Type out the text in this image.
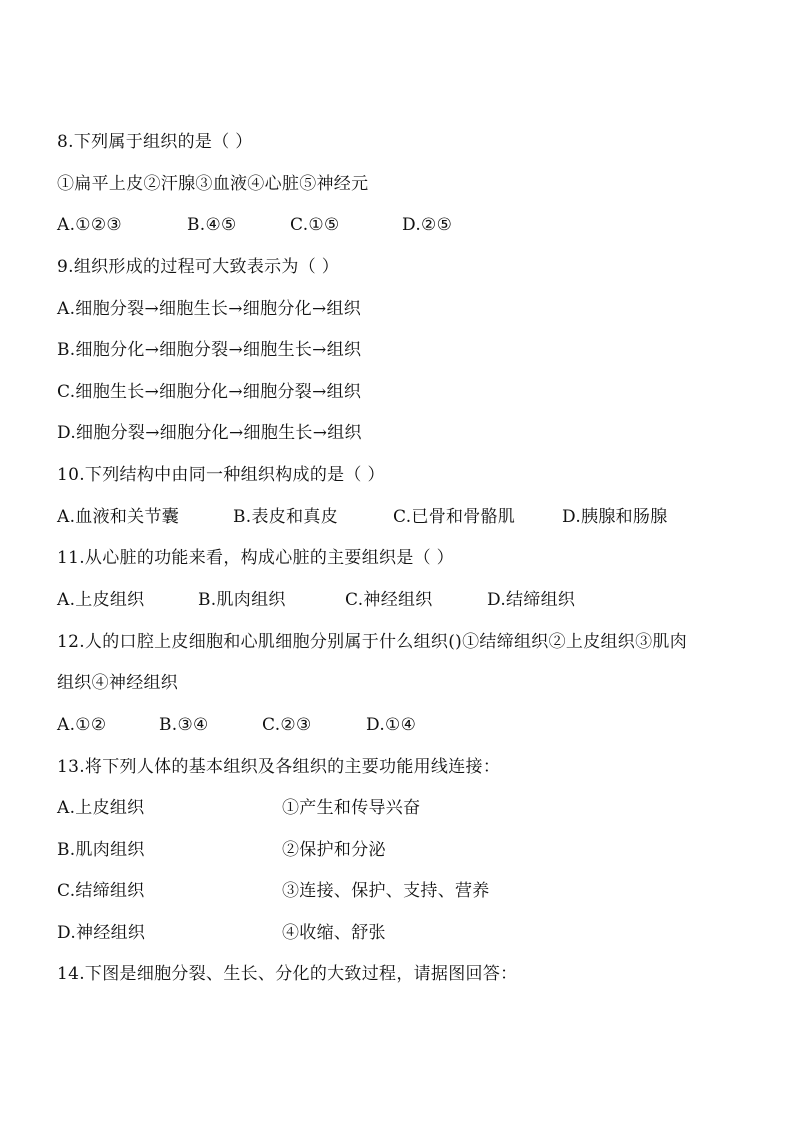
8.下列属于组织的是（ ）
①扁平上皮②汗腺③血液④心脏⑤神经元
A.①②③	B.④⑤	C.①⑤	D.②⑤
9.组织形成的过程可大致表示为（ ）
A.细胞分裂→细胞生长→细胞分化→组织
B.细胞分化→细胞分裂→细胞生长→组织
C.细胞生长→细胞分化→细胞分裂→组织
D.细胞分裂→细胞分化→细胞生长→组织
10.下列结构中由同一种组织构成的是（ ）
A.血液和关节囊	B.表皮和真皮	C.已骨和骨骼肌	D.胰腺和肠腺
11.从心脏的功能来看，构成心脏的主要组织是（ ）
A.上皮组织	B.肌肉组织	C.神经组织	D.结缔组织
12.人的口腔上皮细胞和心肌细胞分别属于什么组织()①结缔组织②上皮组织③肌肉
组织④神经组织
A.①②	B.③④	C.②③	D.①④
13.将下列人体的基本组织及各组织的主要功能用线连接：
A.上皮组织	①产生和传导兴奋
B.肌肉组织	②保护和分泌
C.结缔组织	③连接、保护、支持、营养
D.神经组织	④收缩、舒张
14.下图是细胞分裂、生长、分化的大致过程，请据图回答：
